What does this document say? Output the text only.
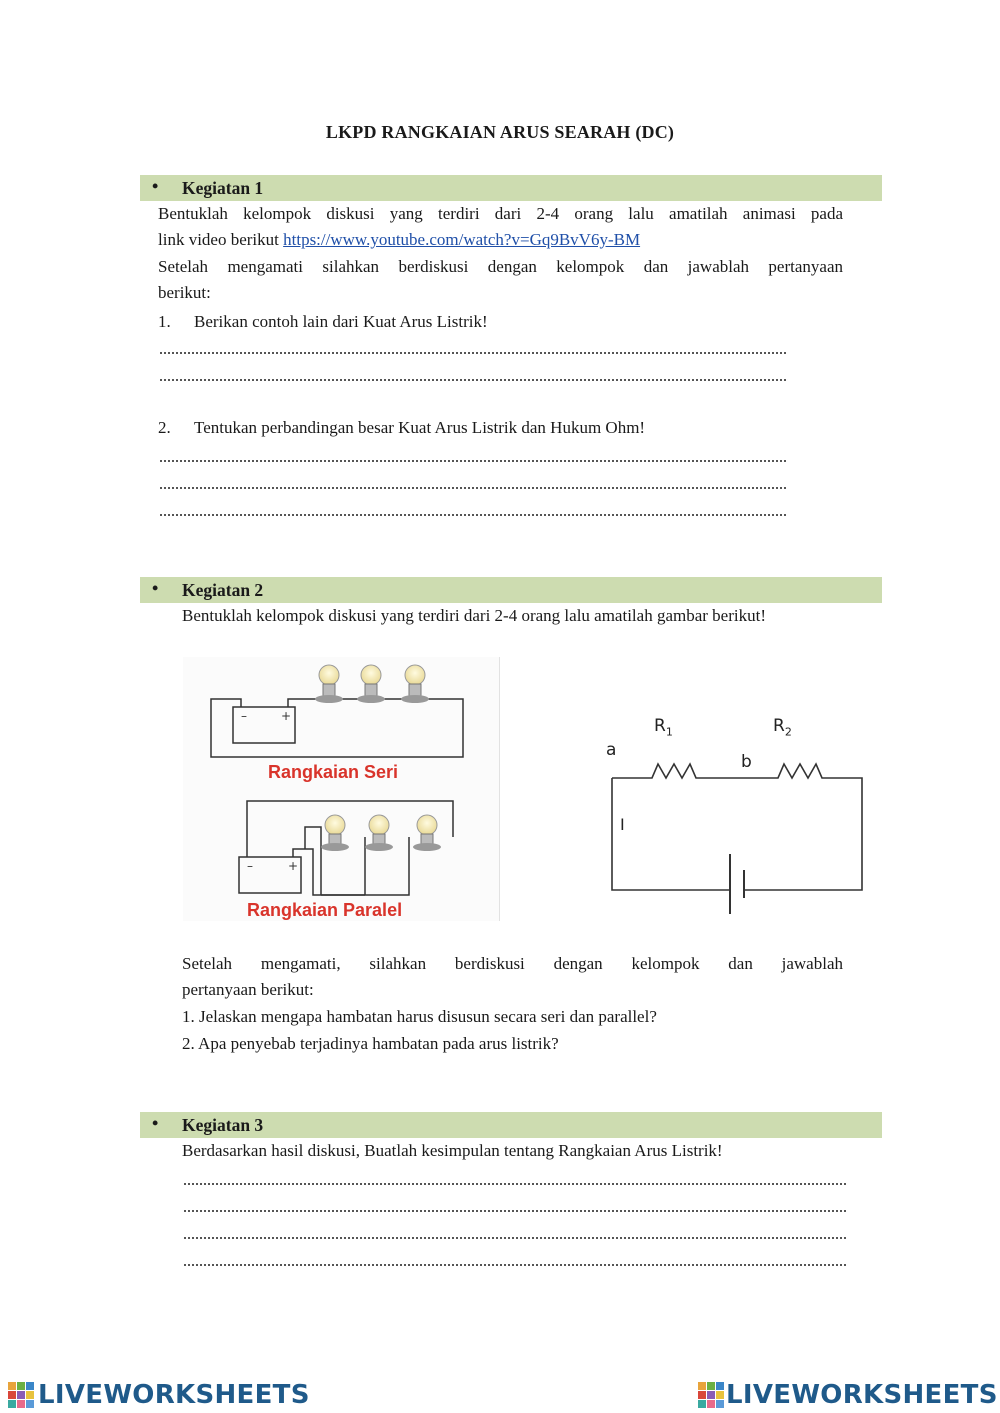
LKPD RANGKAIAN ARUS SEARAH (DC)
• Kegiatan 1
Bentuklah kelompok diskusi yang terdiri dari 2-4 orang lalu amatilah animasi pada
link video berikut https://www.youtube.com/watch?v=Gq9BvV6y-BM
Setelah mengamati silahkan berdiskusi dengan kelompok dan jawablah pertanyaan
berikut:
1. Berikan contoh lain dari Kuat Arus Listrik!
2. Tentukan perbandingan besar Kuat Arus Listrik dan Hukum Ohm!
• Kegiatan 2
Bentuklah kelompok diskusi yang terdiri dari 2-4 orang lalu amatilah gambar berikut!
–	+
–	+
Rangkaian Seri
Rangkaian Paralel
$R_1$	$R_2$
a
b
I
Setelah mengamati, silahkan berdiskusi dengan kelompok dan jawablah
pertanyaan berikut:
1. Jelaskan mengapa hambatan harus disusun secara seri dan parallel?
2. Apa penyebab terjadinya hambatan pada arus listrik?
• Kegiatan 3
Berdasarkan hasil diskusi, Buatlah kesimpulan tentang Rangkaian Arus Listrik!
LIVEWORKSHEETS	LIVEWORKSHEETS
